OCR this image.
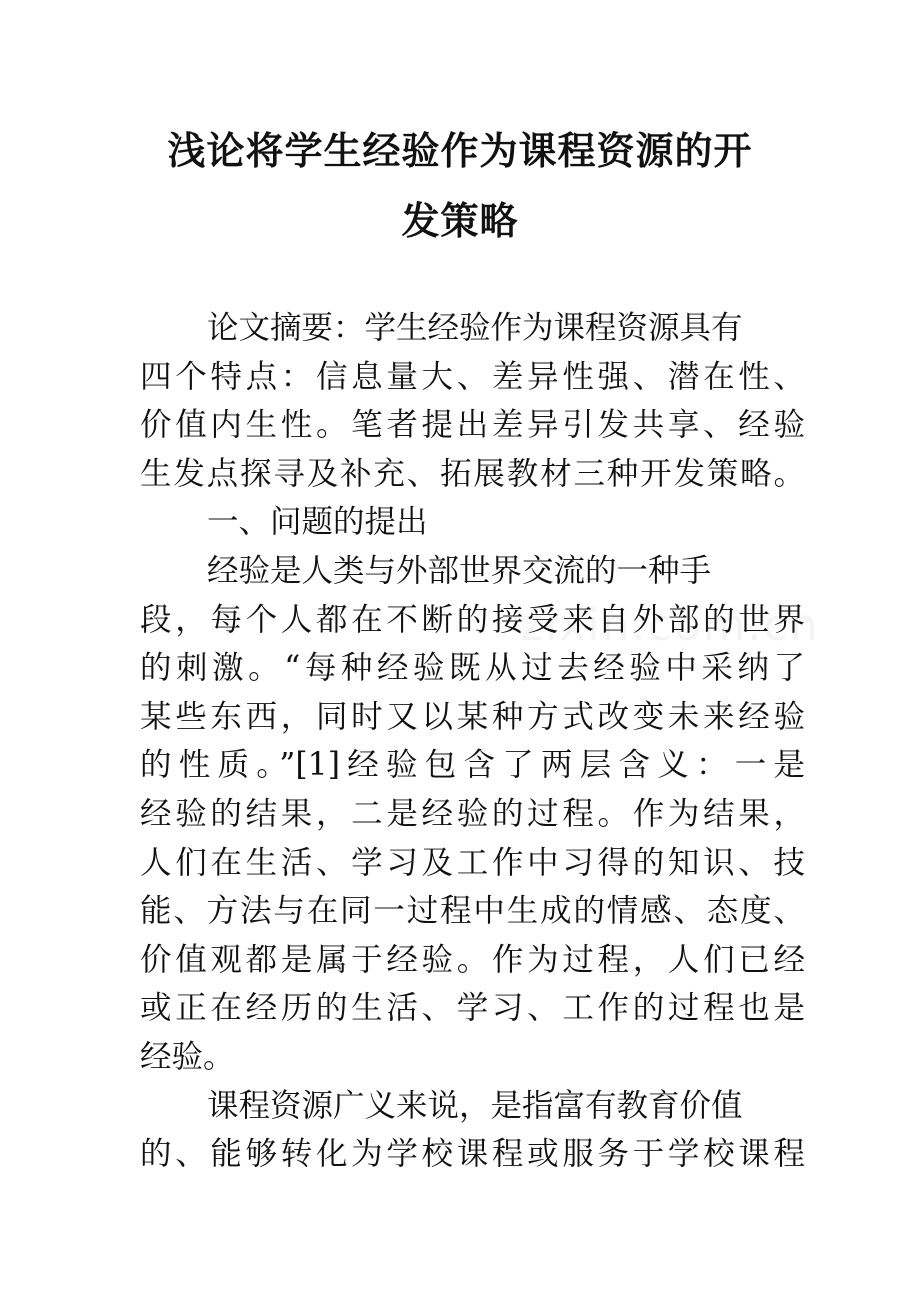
浅论将学生经验作为课程资源的开
发策略
论文摘要：学生经验作为课程资源具有
四个特点：信息量大、差异性强、潜在性、
价值内生性。笔者提出差异引发共享、经验
生发点探寻及补充、拓展教材三种开发策略。
一、问题的提出
经验是人类与外部世界交流的一种手
段，每个人都在不断的接受来自外部的世界
的刺激。“每种经验既从过去经验中采纳了
某些东西，同时又以某种方式改变未来经验
的性质。”[1]经验包含了两层含义：一是
经验的结果，二是经验的过程。作为结果，
人们在生活、学习及工作中习得的知识、技
能、方法与在同一过程中生成的情感、态度、
价值观都是属于经验。作为过程，人们已经
或正在经历的生活、学习、工作的过程也是
经验。
课程资源广义来说，是指富有教育价值
的、能够转化为学校课程或服务于学校课程
